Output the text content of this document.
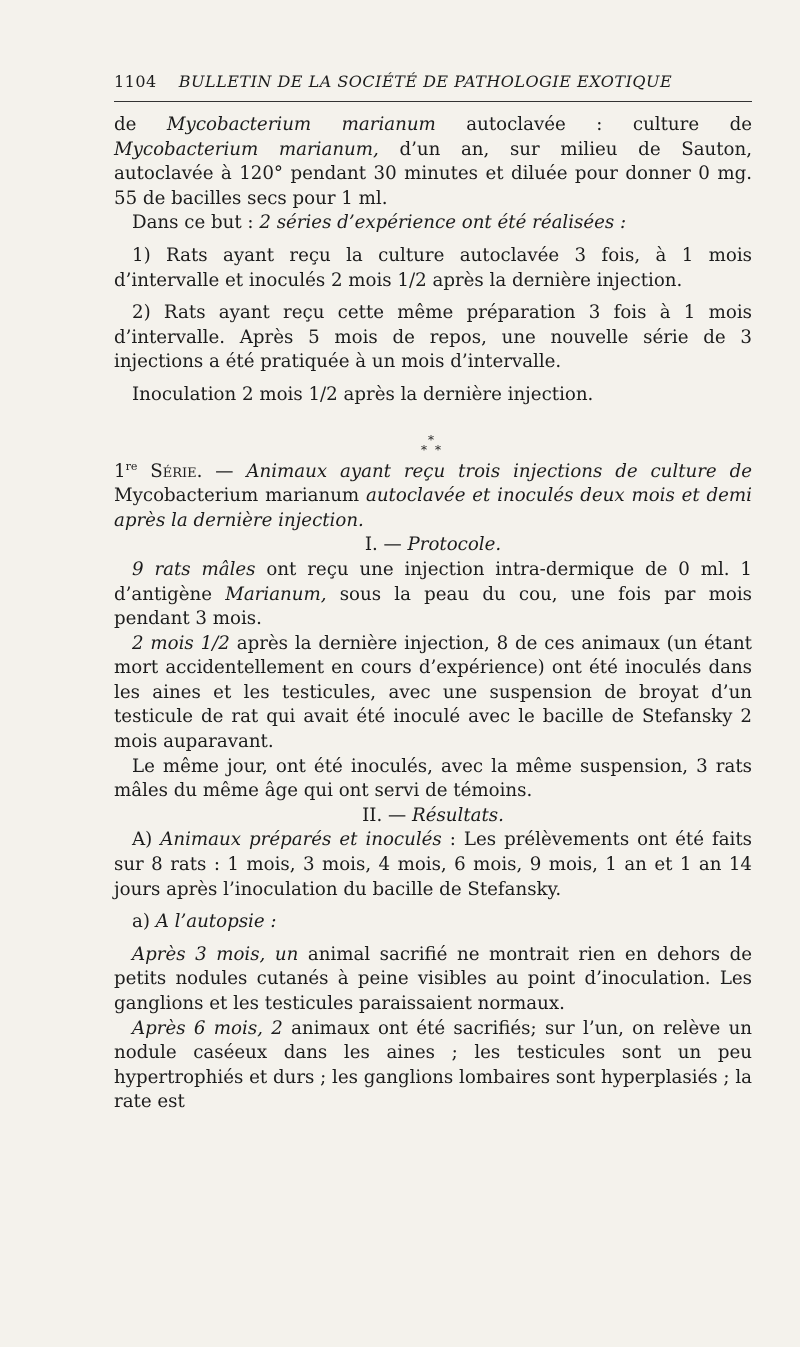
1104 BULLETIN DE LA SOCIÉTÉ DE PATHOLOGIE EXOTIQUE

de Mycobacterium marianum autoclavée : culture de Mycobacterium marianum, d’un an, sur milieu de Sauton, autoclavée à 120° pendant 30 minutes et diluée pour donner 0 mg. 55 de bacilles secs pour 1 ml.

Dans ce but : 2 séries d’expérience ont été réalisées :

1) Rats ayant reçu la culture autoclavée 3 fois, à 1 mois d’intervalle et inoculés 2 mois 1/2 après la dernière injection.

2) Rats ayant reçu cette même préparation 3 fois à 1 mois d’intervalle. Après 5 mois de repos, une nouvelle série de 3 injections a été pratiquée à un mois d’intervalle.

Inoculation 2 mois 1/2 après la dernière injection.

*
* *

1re Série. — Animaux ayant reçu trois injections de culture de Mycobacterium marianum autoclavée et inoculés deux mois et demi après la dernière injection.

I. — Protocole.

9 rats mâles ont reçu une injection intra-dermique de 0 ml. 1 d’antigène Marianum, sous la peau du cou, une fois par mois pendant 3 mois.

2 mois 1/2 après la dernière injection, 8 de ces animaux (un étant mort accidentellement en cours d’expérience) ont été inoculés dans les aines et les testicules, avec une suspension de broyat d’un testicule de rat qui avait été inoculé avec le bacille de Stefansky 2 mois auparavant.

Le même jour, ont été inoculés, avec la même suspension, 3 rats mâles du même âge qui ont servi de témoins.

II. — Résultats.

A) Animaux préparés et inoculés : Les prélèvements ont été faits sur 8 rats : 1 mois, 3 mois, 4 mois, 6 mois, 9 mois, 1 an et 1 an 14 jours après l’inoculation du bacille de Stefansky.

a) A l’autopsie :

Après 3 mois, un animal sacrifié ne montrait rien en dehors de petits nodules cutanés à peine visibles au point d’inoculation. Les ganglions et les testicules paraissaient normaux.

Après 6 mois, 2 animaux ont été sacrifiés; sur l’un, on relève un nodule caséeux dans les aines ; les testicules sont un peu hypertrophiés et durs ; les ganglions lombaires sont hyperplasiés ; la rate est
